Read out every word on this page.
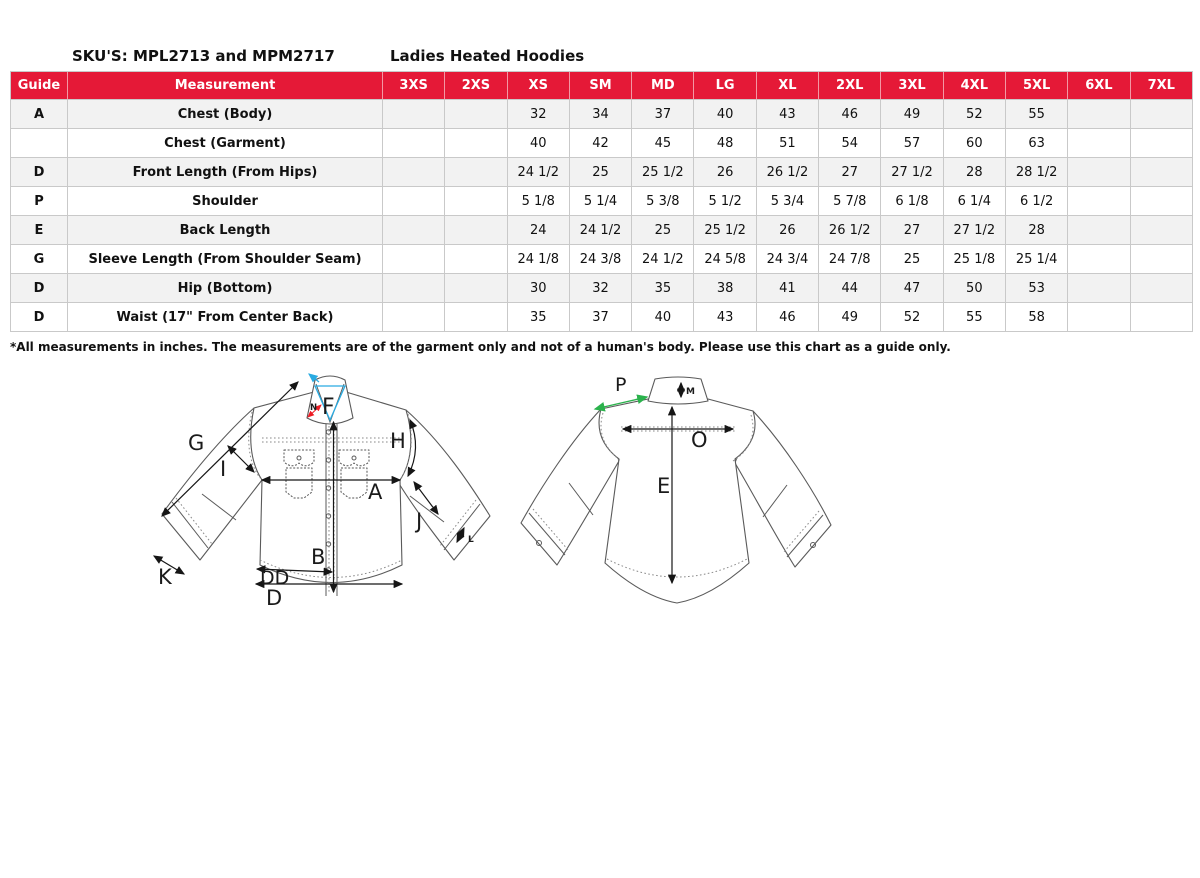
SKU'S: MPL2713 and MPM2717	Ladies Heated Hoodies
Guide	Measurement	3XS	2XS	XS	SM	MD	LG	XL	2XL	3XL	4XL	5XL	6XL	7XL
A	Chest (Body)			32	34	37	40	43	46	49	52	55		
	Chest (Garment)			40	42	45	48	51	54	57	60	63		
D	Front Length (From Hips)			24 1/2	25	25 1/2	26	26 1/2	27	27 1/2	28	28 1/2		
P	Shoulder			5 1/8	5 1/4	5 3/8	5 1/2	5 3/4	5 7/8	6 1/8	6 1/4	6 1/2		
E	Back Length			24	24 1/2	25	25 1/2	26	26 1/2	27	27 1/2	28		
G	Sleeve Length (From Shoulder Seam)			24 1/8	24 3/8	24 1/2	24 5/8	24 3/4	24 7/8	25	25 1/8	25 1/4		
D	Hip (Bottom)			30	32	35	38	41	44	47	50	53		
D	Waist (17" From Center Back)			35	37	40	43	46	49	52	55	58		
*All measurements in inches. The measurements are of the garment only and not of a human's body. Please use this chart as a guide only.
F
N
G
I
H
A
J
B
K
L
DD
D
P	M
O
E
